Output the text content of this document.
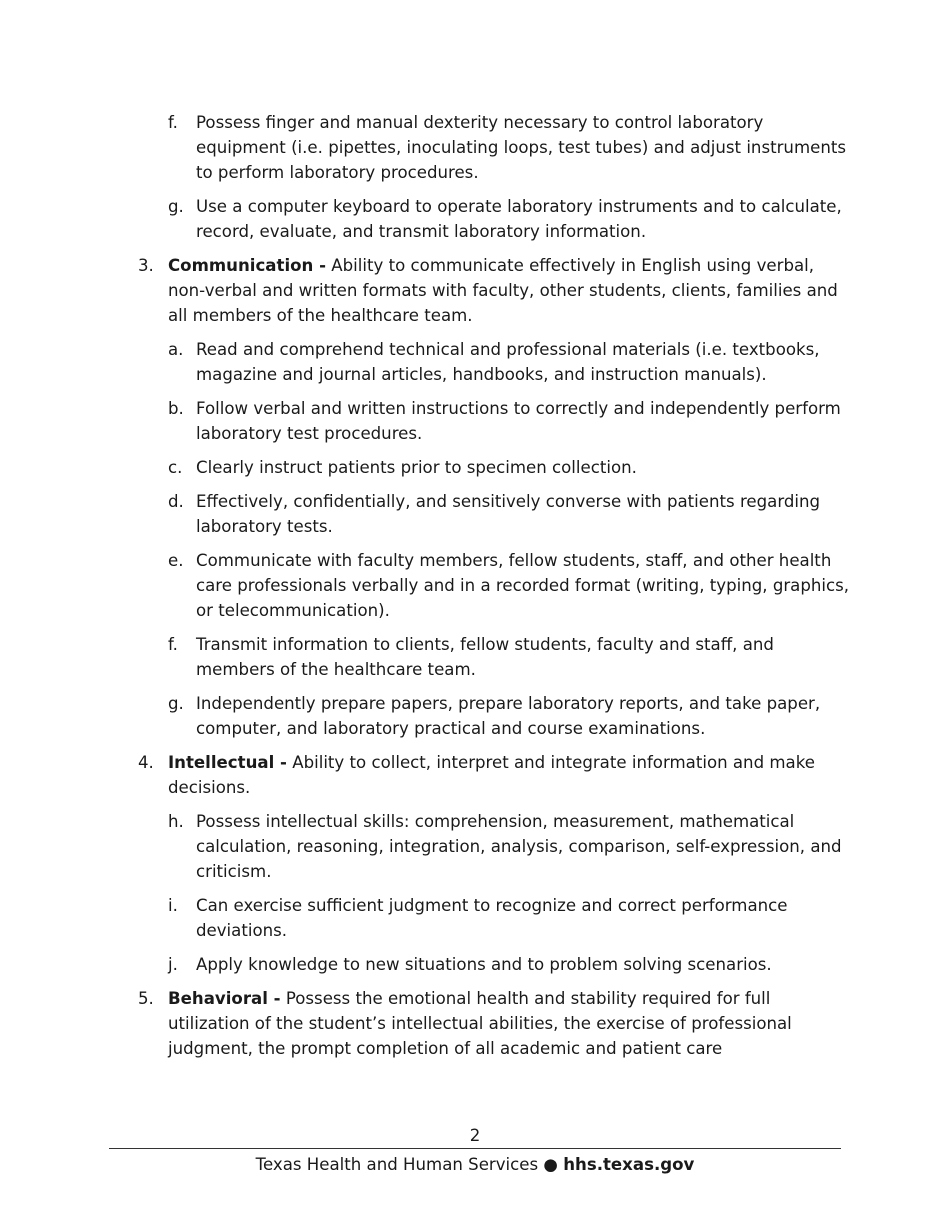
f.	Possess finger and manual dexterity necessary to control laboratory equipment (i.e. pipettes, inoculating loops, test tubes) and adjust instruments to perform laboratory procedures.
g. Use a computer keyboard to operate laboratory instruments and to calculate, record, evaluate, and transmit laboratory information.
3. Communication - Ability to communicate effectively in English using verbal, non-verbal and written formats with faculty, other students, clients, families and all members of the healthcare team.
a. Read and comprehend technical and professional materials (i.e. textbooks, magazine and journal articles, handbooks, and instruction manuals).
b. Follow verbal and written instructions to correctly and independently perform laboratory test procedures.
c. Clearly instruct patients prior to specimen collection.
d. Effectively, confidentially, and sensitively converse with patients regarding laboratory tests.
e. Communicate with faculty members, fellow students, staff, and other health care professionals verbally and in a recorded format (writing, typing, graphics, or telecommunication).
f.	Transmit information to clients, fellow students, faculty and staff, and members of the healthcare team.
g. Independently prepare papers, prepare laboratory reports, and take paper, computer, and laboratory practical and course examinations.
4. Intellectual - Ability to collect, interpret and integrate information and make decisions.
h. Possess intellectual skills: comprehension, measurement, mathematical calculation, reasoning, integration, analysis, comparison, self-expression, and criticism.
i.	Can exercise sufficient judgment to recognize and correct performance deviations.
j.	Apply knowledge to new situations and to problem solving scenarios.
5. Behavioral - Possess the emotional health and stability required for full utilization of the student’s intellectual abilities, the exercise of professional judgment, the prompt completion of all academic and patient care
2
Texas Health and Human Services ● hhs.texas.gov
